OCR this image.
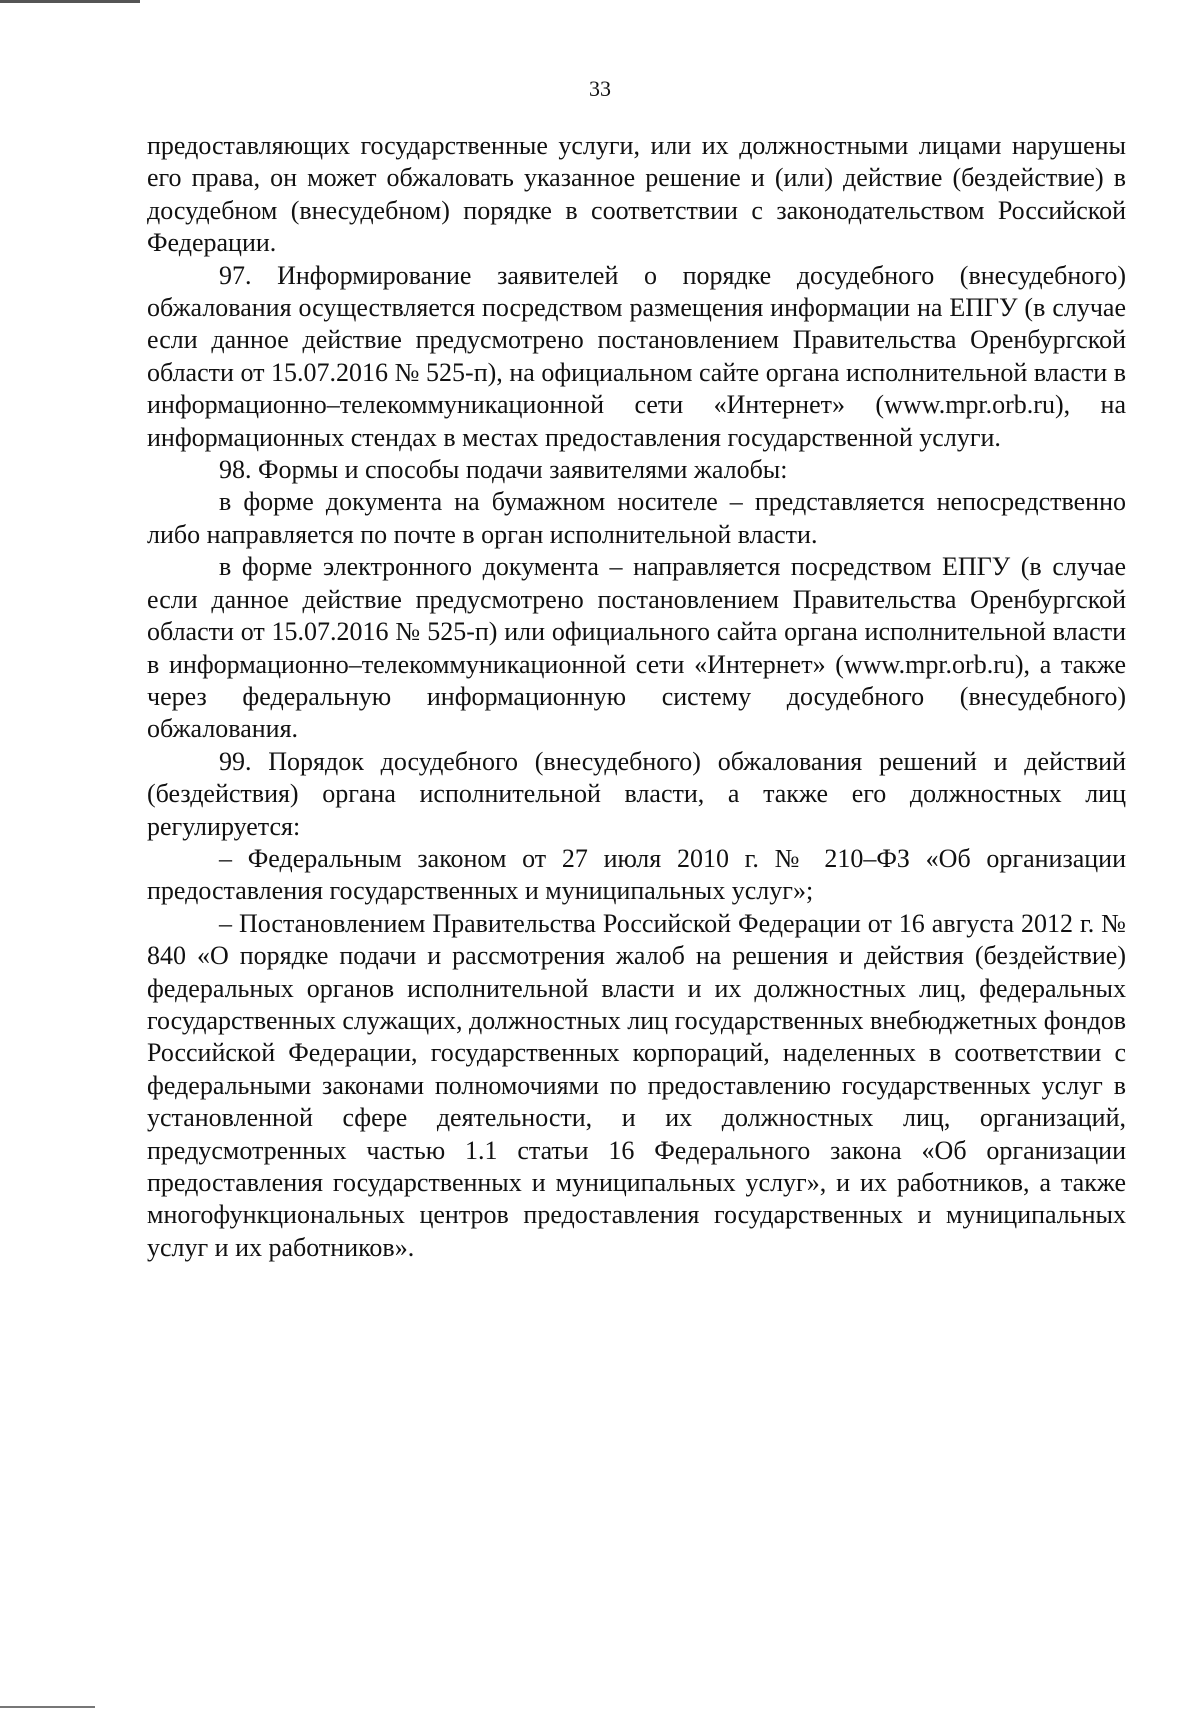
33

предоставляющих государственные услуги, или их должностными лицами нарушены его права, он может обжаловать указанное решение и (или) действие (бездействие) в досудебном (внесудебном) порядке в соответствии с законодательством Российской Федерации.

97. Информирование заявителей о порядке досудебного (внесудебного) обжалования осуществляется посредством размещения информации на ЕПГУ (в случае если данное действие предусмотрено постановлением Правительства Оренбургской области от 15.07.2016 № 525-п), на официальном сайте органа исполнительной власти в информационно–телекоммуникационной сети «Интернет» (www.mpr.orb.ru), на информационных стендах в местах предоставления государственной услуги.

98. Формы и способы подачи заявителями жалобы:

в форме документа на бумажном носителе – представляется непосредственно либо направляется по почте в орган исполнительной власти.

в форме электронного документа – направляется посредством ЕПГУ (в случае если данное действие предусмотрено постановлением Правительства Оренбургской области от 15.07.2016 № 525-п) или официального сайта органа исполнительной власти в информационно–телекоммуникационной сети «Интернет» (www.mpr.orb.ru), а также через федеральную информационную систему досудебного (внесудебного) обжалования.

99. Порядок досудебного (внесудебного) обжалования решений и действий (бездействия) органа исполнительной власти, а также его должностных лиц регулируется:

– Федеральным законом от 27 июля 2010 г. № 210–ФЗ «Об организации предоставления государственных и муниципальных услуг»;

– Постановлением Правительства Российской Федерации от 16 августа 2012 г. № 840 «О порядке подачи и рассмотрения жалоб на решения и действия (бездействие) федеральных органов исполнительной власти и их должностных лиц, федеральных государственных служащих, должностных лиц государственных внебюджетных фондов Российской Федерации, государственных корпораций, наделенных в соответствии с федеральными законами полномочиями по предоставлению государственных услуг в установленной сфере деятельности, и их должностных лиц, организаций, предусмотренных частью 1.1 статьи 16 Федерального закона «Об организации предоставления государственных и муниципальных услуг», и их работников, а также многофункциональных центров предоставления государственных и муниципальных услуг и их работников».
